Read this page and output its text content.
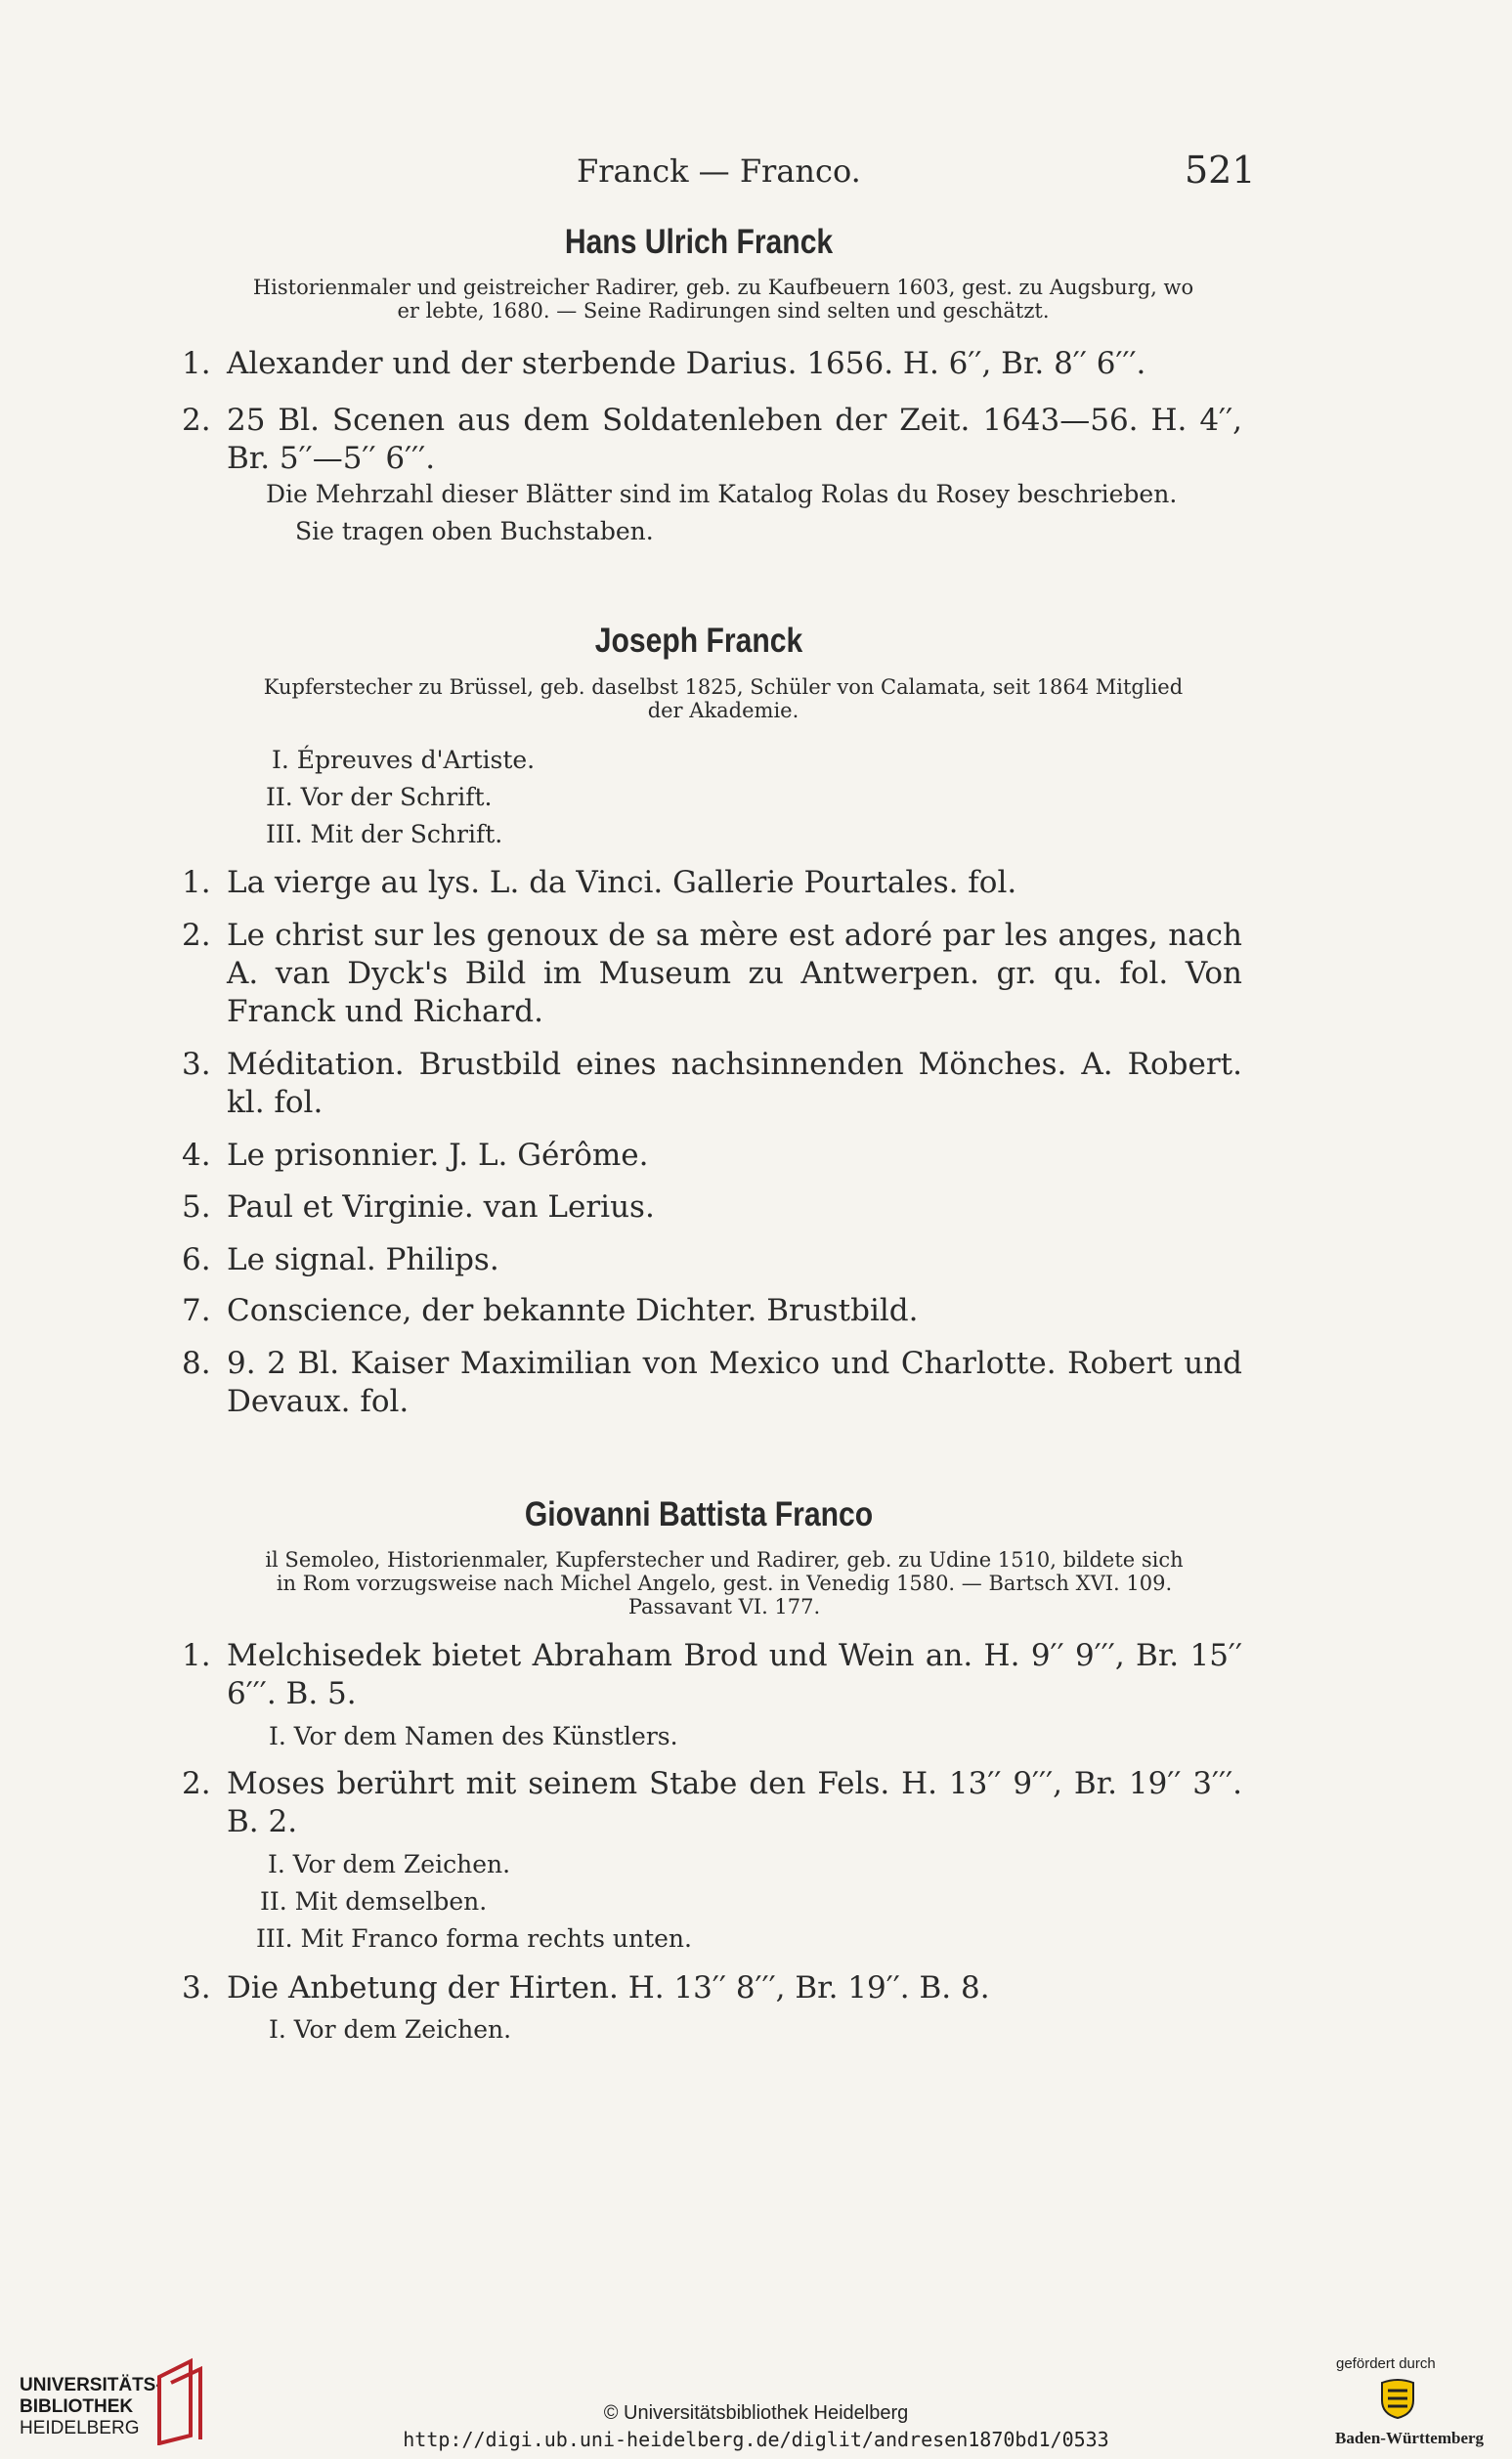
Franck — Franco.	521
Hans Ulrich Franck
Historienmaler und geistreicher Radirer, geb. zu Kaufbeuern 1603, gest. zu Augsburg, wo
er lebte, 1680. — Seine Radirungen sind selten und geschätzt.
1. Alexander und der sterbende Darius. 1656. H. 6′′, Br. 8′′ 6′′′.
2. 25 Bl. Scenen aus dem Soldatenleben der Zeit. 1643—56. H. 4′′, Br. 5′′—5′′ 6′′′.
Die Mehrzahl dieser Blätter sind im Katalog Rolas du Rosey beschrieben.
Sie tragen oben Buchstaben.
Joseph Franck
Kupferstecher zu Brüssel, geb. daselbst 1825, Schüler von Calamata, seit 1864 Mitglied
der Akademie.
I. Épreuves d'Artiste.
II. Vor der Schrift.
III. Mit der Schrift.
1. La vierge au lys. L. da Vinci. Gallerie Pourtales. fol.
2. Le christ sur les genoux de sa mère est adoré par les anges, nach A. van Dyck's Bild im Museum zu Antwerpen. gr. qu. fol. Von Franck und Richard.
3. Méditation. Brustbild eines nachsinnenden Mönches. A. Robert. kl. fol.
4. Le prisonnier. J. L. Gérôme.
5. Paul et Virginie. van Lerius.
6. Le signal. Philips.
7. Conscience, der bekannte Dichter. Brustbild.
8. 9. 2 Bl. Kaiser Maximilian von Mexico und Charlotte. Robert und Devaux. fol.
Giovanni Battista Franco
il Semoleo, Historienmaler, Kupferstecher und Radirer, geb. zu Udine 1510, bildete sich
in Rom vorzugsweise nach Michel Angelo, gest. in Venedig 1580. — Bartsch XVI. 109.
Passavant VI. 177.
1. Melchisedek bietet Abraham Brod und Wein an. H. 9′′ 9′′′, Br. 15′′ 6′′′. B. 5.
I. Vor dem Namen des Künstlers.
2. Moses berührt mit seinem Stabe den Fels. H. 13′′ 9′′′, Br. 19′′ 3′′′. B. 2.
I. Vor dem Zeichen.
II. Mit demselben.
III. Mit Franco forma rechts unten.
3. Die Anbetung der Hirten. H. 13′′ 8′′′, Br. 19′′. B. 8.
I. Vor dem Zeichen.
UNIVERSITÄTS-
BIBLIOTHEK
HEIDELBERG
© Universitätsbibliothek Heidelberg
http://digi.ub.uni-heidelberg.de/diglit/andresen1870bd1/0533
gefördert durch
Baden-Württemberg
